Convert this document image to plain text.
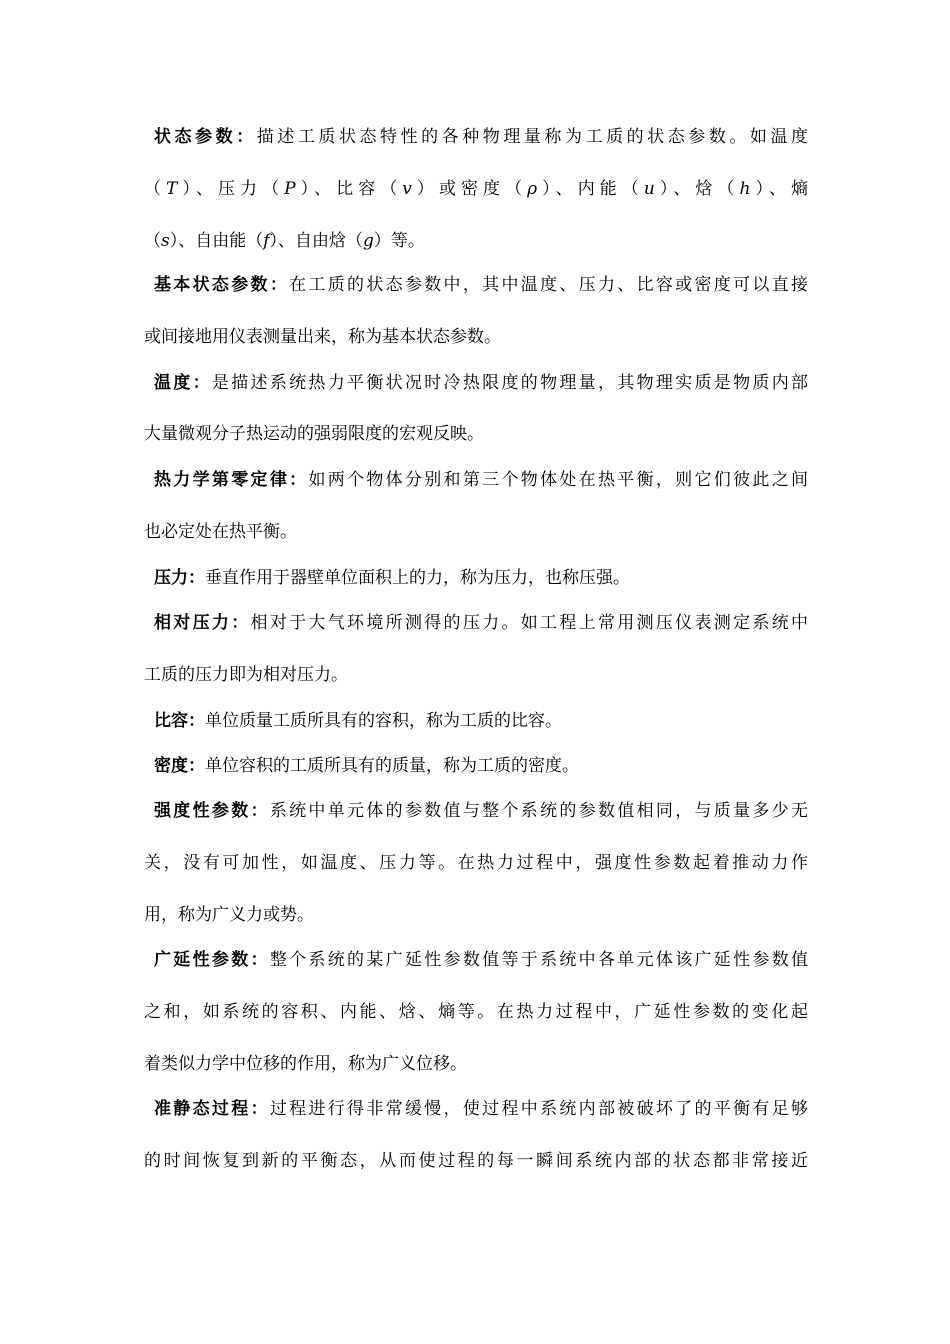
状态参数：描述工质状态特性的各种物理量称为工质的状态参数。如温度
（T）、压力（P）、比容（v）或密度（ρ）、内能（u）、焓（h）、熵
（s）、自由能（f）、自由焓（g）等。
基本状态参数：在工质的状态参数中，其中温度、压力、比容或密度可以直接
或间接地用仪表测量出来，称为基本状态参数。
温度：是描述系统热力平衡状况时冷热限度的物理量，其物理实质是物质内部
大量微观分子热运动的强弱限度的宏观反映。
热力学第零定律：如两个物体分别和第三个物体处在热平衡，则它们彼此之间
也必定处在热平衡。
压力：垂直作用于器壁单位面积上的力，称为压力，也称压强。
相对压力：相对于大气环境所测得的压力。如工程上常用测压仪表测定系统中
工质的压力即为相对压力。
比容：单位质量工质所具有的容积，称为工质的比容。
密度：单位容积的工质所具有的质量，称为工质的密度。
强度性参数：系统中单元体的参数值与整个系统的参数值相同，与质量多少无
关，没有可加性，如温度、压力等。在热力过程中，强度性参数起着推动力作
用，称为广义力或势。
广延性参数：整个系统的某广延性参数值等于系统中各单元体该广延性参数值
之和，如系统的容积、内能、焓、熵等。在热力过程中，广延性参数的变化起
着类似力学中位移的作用，称为广义位移。
准静态过程：过程进行得非常缓慢，使过程中系统内部被破坏了的平衡有足够
的时间恢复到新的平衡态，从而使过程的每一瞬间系统内部的状态都非常接近
